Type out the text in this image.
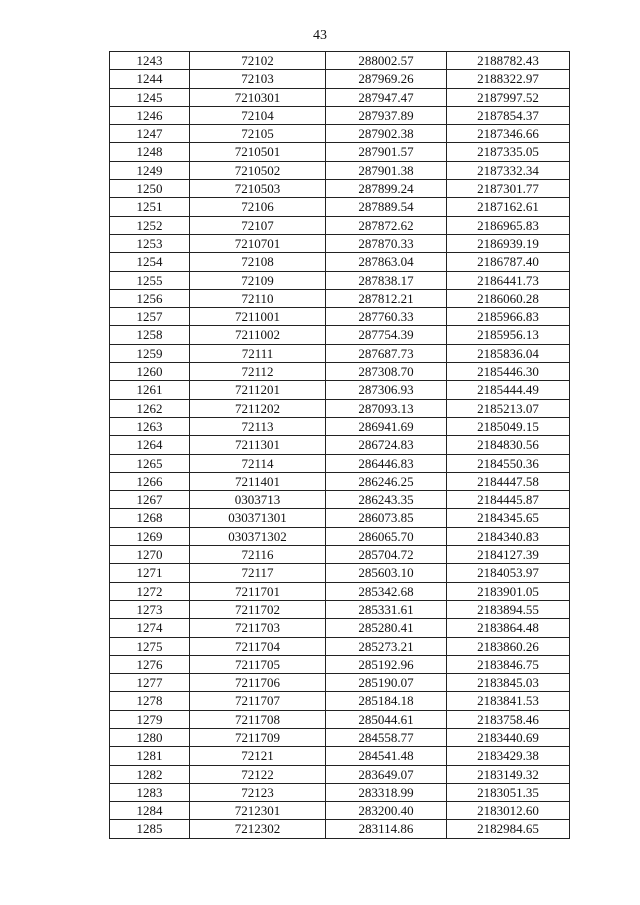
43
1243	72102	288002.57	2188782.43
1244	72103	287969.26	2188322.97
1245	7210301	287947.47	2187997.52
1246	72104	287937.89	2187854.37
1247	72105	287902.38	2187346.66
1248	7210501	287901.57	2187335.05
1249	7210502	287901.38	2187332.34
1250	7210503	287899.24	2187301.77
1251	72106	287889.54	2187162.61
1252	72107	287872.62	2186965.83
1253	7210701	287870.33	2186939.19
1254	72108	287863.04	2186787.40
1255	72109	287838.17	2186441.73
1256	72110	287812.21	2186060.28
1257	7211001	287760.33	2185966.83
1258	7211002	287754.39	2185956.13
1259	72111	287687.73	2185836.04
1260	72112	287308.70	2185446.30
1261	7211201	287306.93	2185444.49
1262	7211202	287093.13	2185213.07
1263	72113	286941.69	2185049.15
1264	7211301	286724.83	2184830.56
1265	72114	286446.83	2184550.36
1266	7211401	286246.25	2184447.58
1267	0303713	286243.35	2184445.87
1268	030371301	286073.85	2184345.65
1269	030371302	286065.70	2184340.83
1270	72116	285704.72	2184127.39
1271	72117	285603.10	2184053.97
1272	7211701	285342.68	2183901.05
1273	7211702	285331.61	2183894.55
1274	7211703	285280.41	2183864.48
1275	7211704	285273.21	2183860.26
1276	7211705	285192.96	2183846.75
1277	7211706	285190.07	2183845.03
1278	7211707	285184.18	2183841.53
1279	7211708	285044.61	2183758.46
1280	7211709	284558.77	2183440.69
1281	72121	284541.48	2183429.38
1282	72122	283649.07	2183149.32
1283	72123	283318.99	2183051.35
1284	7212301	283200.40	2183012.60
1285	7212302	283114.86	2182984.65
